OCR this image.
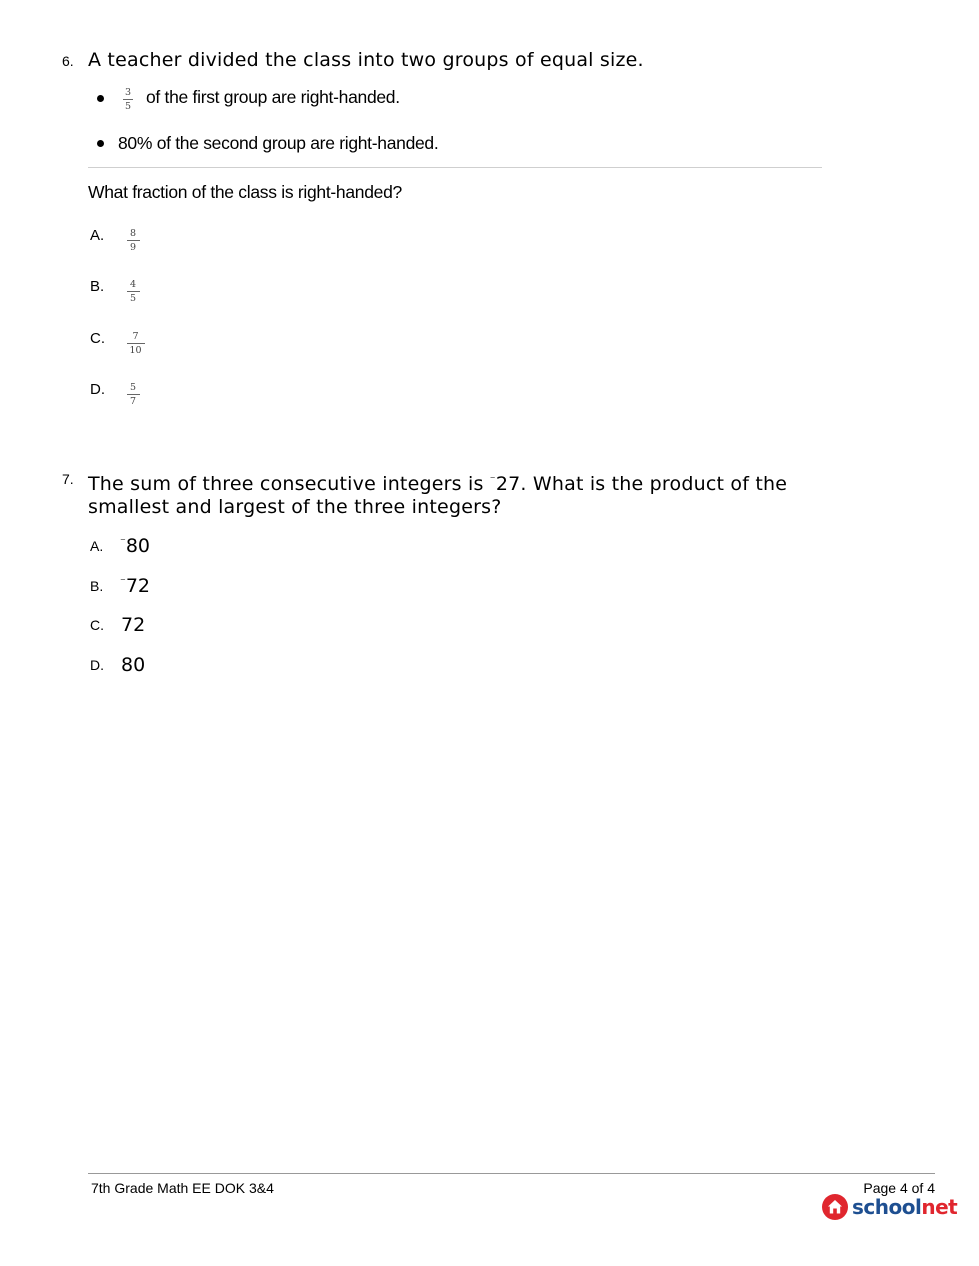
6. A teacher divided the class into two groups of equal size.
3
5 of the first group are right-handed.
80% of the second group are right-handed.
What fraction of the class is right-handed?
A.	8
9
B.	4
5
C.	7
10
D.	5
7
7. The sum of three consecutive integers is ⁻27. What is the product of the
smallest and largest of the three integers?
A. ⁻80
B. ⁻72
C. 72
D. 80
7th Grade Math EE DOK 3&4	Page 4 of 4
school net
